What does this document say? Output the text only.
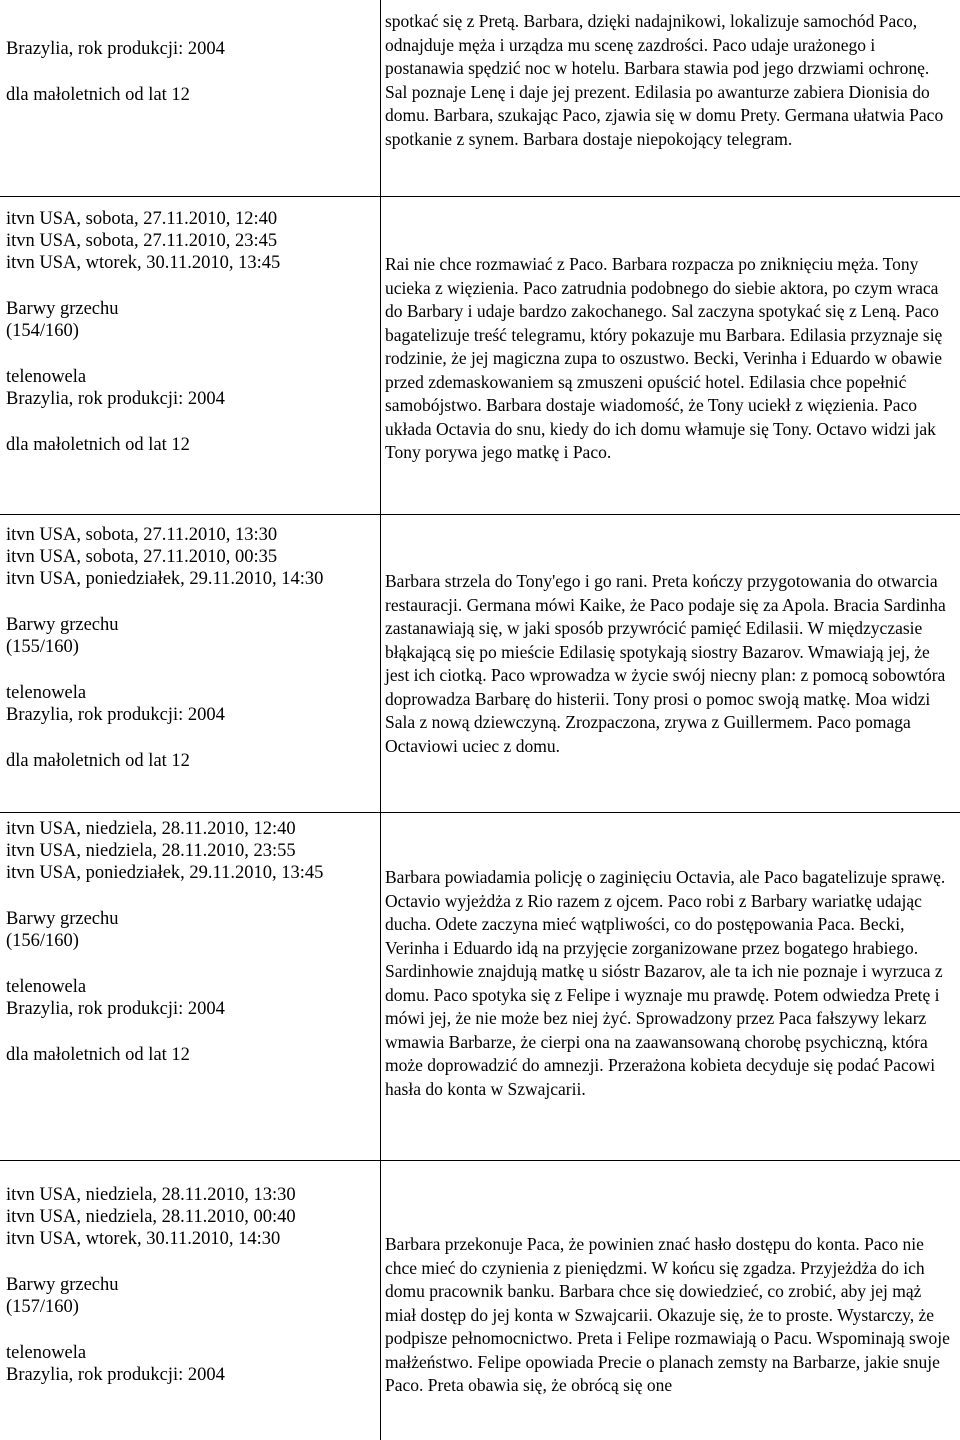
Brazylia, rok produkcji: 2004
dla małoletnich od lat 12
spotkać się z Pretą. Barbara, dzięki nadajnikowi, lokalizuje samochód Paco, odnajduje męża i urządza mu scenę zazdrości. Paco udaje urażonego i postanawia spędzić noc w hotelu. Barbara stawia pod jego drzwiami ochronę. Sal poznaje Lenę i daje jej prezent. Edilasia po awanturze zabiera Dionisia do domu. Barbara, szukając Paco, zjawia się w domu Prety. Germana ułatwia Paco spotkanie z synem. Barbara dostaje niepokojący telegram.
itvn USA, sobota, 27.11.2010, 12:40
itvn USA, sobota, 27.11.2010, 23:45
itvn USA, wtorek, 30.11.2010, 13:45
Barwy grzechu
(154/160)
telenowela
Brazylia, rok produkcji: 2004
dla małoletnich od lat 12
Rai nie chce rozmawiać z Paco. Barbara rozpacza po zniknięciu męża. Tony ucieka z więzienia. Paco zatrudnia podobnego do siebie aktora, po czym wraca do Barbary i udaje bardzo zakochanego. Sal zaczyna spotykać się z Leną. Paco bagatelizuje treść telegramu, który pokazuje mu Barbara. Edilasia przyznaje się rodzinie, że jej magiczna zupa to oszustwo. Becki, Verinha i Eduardo w obawie przed zdemaskowaniem są zmuszeni opuścić hotel. Edilasia chce popełnić samobójstwo. Barbara dostaje wiadomość, że Tony uciekł z więzienia. Paco układa Octavia do snu, kiedy do ich domu włamuje się Tony. Octavo widzi jak Tony porywa jego matkę i Paco.
itvn USA, sobota, 27.11.2010, 13:30
itvn USA, sobota, 27.11.2010, 00:35
itvn USA, poniedziałek, 29.11.2010, 14:30
Barwy grzechu
(155/160)
telenowela
Brazylia, rok produkcji: 2004
dla małoletnich od lat 12
Barbara strzela do Tony'ego i go rani. Preta kończy przygotowania do otwarcia restauracji. Germana mówi Kaike, że Paco podaje się za Apola. Bracia Sardinha zastanawiają się, w jaki sposób przywrócić pamięć Edilasii. W międzyczasie błąkającą się po mieście Edilasię spotykają siostry Bazarov. Wmawiają jej, że jest ich ciotką. Paco wprowadza w życie swój niecny plan: z pomocą sobowtóra doprowadza Barbarę do histerii. Tony prosi o pomoc swoją matkę. Moa widzi Sala z nową dziewczyną. Zrozpaczona, zrywa z Guillermem. Paco pomaga Octaviowi uciec z domu.
itvn USA, niedziela, 28.11.2010, 12:40
itvn USA, niedziela, 28.11.2010, 23:55
itvn USA, poniedziałek, 29.11.2010, 13:45
Barwy grzechu
(156/160)
telenowela
Brazylia, rok produkcji: 2004
dla małoletnich od lat 12
Barbara powiadamia policję o zaginięciu Octavia, ale Paco bagatelizuje sprawę. Octavio wyjeżdża z Rio razem z ojcem. Paco robi z Barbary wariatkę udając ducha. Odete zaczyna mieć wątpliwości, co do postępowania Paca. Becki, Verinha i Eduardo idą na przyjęcie zorganizowane przez bogatego hrabiego. Sardinhowie znajdują matkę u sióstr Bazarov, ale ta ich nie poznaje i wyrzuca z domu. Paco spotyka się z Felipe i wyznaje mu prawdę. Potem odwiedza Pretę i mówi jej, że nie może bez niej żyć. Sprowadzony przez Paca fałszywy lekarz wmawia Barbarze, że cierpi ona na zaawansowaną chorobę psychiczną, która może doprowadzić do amnezji. Przerażona kobieta decyduje się podać Pacowi hasła do konta w Szwajcarii.
itvn USA, niedziela, 28.11.2010, 13:30
itvn USA, niedziela, 28.11.2010, 00:40
itvn USA, wtorek, 30.11.2010, 14:30
Barwy grzechu
(157/160)
telenowela
Brazylia, rok produkcji: 2004
Barbara przekonuje Paca, że powinien znać hasło dostępu do konta. Paco nie chce mieć do czynienia z pieniędzmi. W końcu się zgadza. Przyjeżdża do ich domu pracownik banku. Barbara chce się dowiedzieć, co zrobić, aby jej mąż miał dostęp do jej konta w Szwajcarii. Okazuje się, że to proste. Wystarczy, że podpisze pełnomocnictwo. Preta i Felipe rozmawiają o Pacu. Wspominają swoje małżeństwo. Felipe opowiada Precie o planach zemsty na Barbarze, jakie snuje Paco. Preta obawia się, że obrócą się one
